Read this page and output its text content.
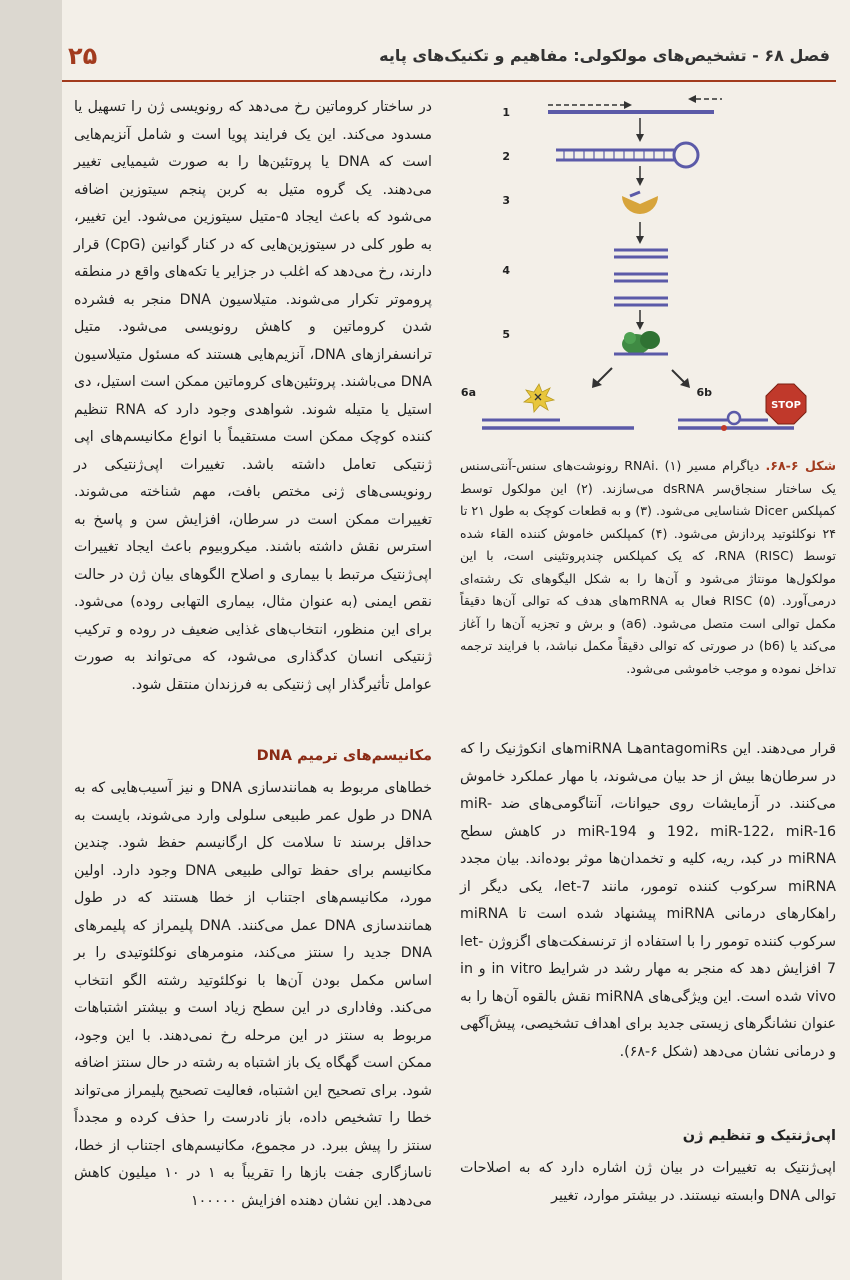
۲۵	فصل ۶۸ - تشخیص‌های مولکولی: مفاهیم و تکنیک‌های پایه

در ساختار کروماتین رخ می‌دهد که رونویسی ژن را تسهیل یا مسدود می‌کند. این یک فرایند پویا است و شامل آنزیم‌هایی است که DNA یا پروتئین‌ها را به صورت شیمیایی تغییر می‌دهند. یک گروه متیل به کربن پنجم سیتوزین اضافه می‌شود که باعث ایجاد ۵-متیل سیتوزین می‌شود. این تغییر، به طور کلی در سیتوزین‌هایی که در کنار گوانین (CpG) قرار دارند، رخ می‌دهد که اغلب در جزایر یا تکه‌های واقع در منطقه پروموتر تکرار می‌شوند. متیلاسیون DNA منجر به فشرده شدن کروماتین و کاهش رونویسی می‌شود. متیل ترانسفرازهای DNA، آنزیم‌هایی هستند که مسئول متیلاسیون DNA می‌باشند. پروتئین‌های کروماتین ممکن است استیل، دی استیل یا متیله شوند. شواهدی وجود دارد که RNA تنظیم کننده کوچک ممکن است مستقیماً با انواع مکانیسم‌های اپی ژنتیکی تعامل داشته باشد. تغییرات اپی‌ژنتیکی در رونویسی‌های ژنی مختص بافت، مهم شناخته می‌شوند. تغییرات ممکن است در سرطان، افزایش سن و پاسخ به استرس نقش داشته باشند. میکروبیوم باعث ایجاد تغییرات اپی‌ژنتیک مرتبط با بیماری و اصلاح الگوهای بیان ژن در حالت نقص ایمنی (به عنوان مثال، بیماری التهابی روده) می‌شود. برای این منظور، انتخاب‌های غذایی ضعیف در روده و ترکیب ژنتیکی انسان کدگذاری می‌شود، که می‌تواند به صورت عوامل تأثیرگذار اپی ژنتیکی به فرزندان منتقل شود.

مکانیسم‌های ترمیم DNA

خطاهای مربوط به همانندسازی DNA و نیز آسیب‌هایی که به DNA در طول عمر طبیعی سلولی وارد می‌شوند، بایست به حداقل برسند تا سلامت کل ارگانیسم حفظ شود. چندین مکانیسم برای حفظ توالی طبیعی DNA وجود دارد. اولین مورد، مکانیسم‌های اجتناب از خطا هستند که در طول همانندسازی DNA عمل می‌کنند. DNA پلیمراز که پلیمرهای DNA جدید را سنتز می‌کند، منومرهای نوکلئوتیدی را بر اساس مکمل بودن آن‌ها با نوکلئوتید رشته الگو انتخاب می‌کند. وفاداری در این سطح زیاد است و بیشتر اشتباهات مربوط به سنتز در این مرحله رخ نمی‌دهند. با این وجود، ممکن است گهگاه یک باز اشتباه به رشته در حال سنتز اضافه شود. برای تصحیح این اشتباه، فعالیت تصحیح پلیمراز می‌تواند خطا را تشخیص داده، باز نادرست را حذف کرده و مجدداً سنتز را پیش ببرد. در مجموع، مکانیسم‌های اجتناب از خطا، ناسازگاری جفت بازها را تقریباً به ۱ در ۱۰ میلیون کاهش می‌دهد. این نشان دهنده افزایش ۱۰۰۰۰۰

1
2
3
4
5
6a	6b
STOP
شکل ۶-۶۸. دیاگرام مسیر RNAi. (۱) رونوشت‌های سنس-آنتی‌سنس یک ساختار سنجاق‌سر dsRNA می‌سازند. (۲) این مولکول توسط کمپلکس Dicer شناسایی می‌شود. (۳) و به قطعات کوچک به طول ۲۱ تا ۲۴ نوکلئوتید پردازش می‌شود. (۴) کمپلکس خاموش کننده القاء شده توسط RNA (RISC)، که یک کمپلکس چندپروتئینی است، با این مولکول‌ها مونتاژ می‌شود و آن‌ها را به شکل الیگوهای تک رشته‌ای درمی‌آورد. (۵) RISC فعال به mRNAهای هدف که توالی آن‌ها دقیقاً مکمل توالی است متصل می‌شود. (a6) و برش و تجزیه آن‌ها را آغاز می‌کند یا (b6) در صورتی که توالی دقیقاً مکمل نباشد، با فرایند ترجمه تداخل نموده و موجب خاموشی می‌شود.

قرار می‌دهند. این antagomiRsهـا miRNAهای انکوژنیک را که در سرطان‌ها بیش از حد بیان می‌شوند، با مهار عملکرد خاموش می‌کنند. در آزمایشات روی حیوانات، آنتاگومی‌های ضد miR-192، miR-122، miR-16 و miR-194 در کاهش سطح miRNA در کبد، ریه، کلیه و تخمدان‌ها موثر بوده‌اند. بیان مجدد miRNA سرکوب کننده تومور، مانند let-7، یکی دیگر از راهکارهای درمانی miRNA پیشنهاد شده است تا miRNA سرکوب کننده تومور را با استفاده از ترنسفکت‌های اگزوژن let-7 افزایش دهد که منجر به مهار رشد در شرایط in vitro و in vivo شده است. این ویژگی‌های miRNA نقش بالقوه آن‌ها را به عنوان نشانگرهای زیستی جدید برای اهداف تشخیصی، پیش‌آگهی و درمانی نشان می‌دهد (شکل ۶-۶۸).

اپی‌ژنتیک و تنظیم ژن

اپی‌ژنتیک به تغییرات در بیان ژن اشاره دارد که به اصلاحات توالی DNA وابسته نیستند. در بیشتر موارد، تغییر
